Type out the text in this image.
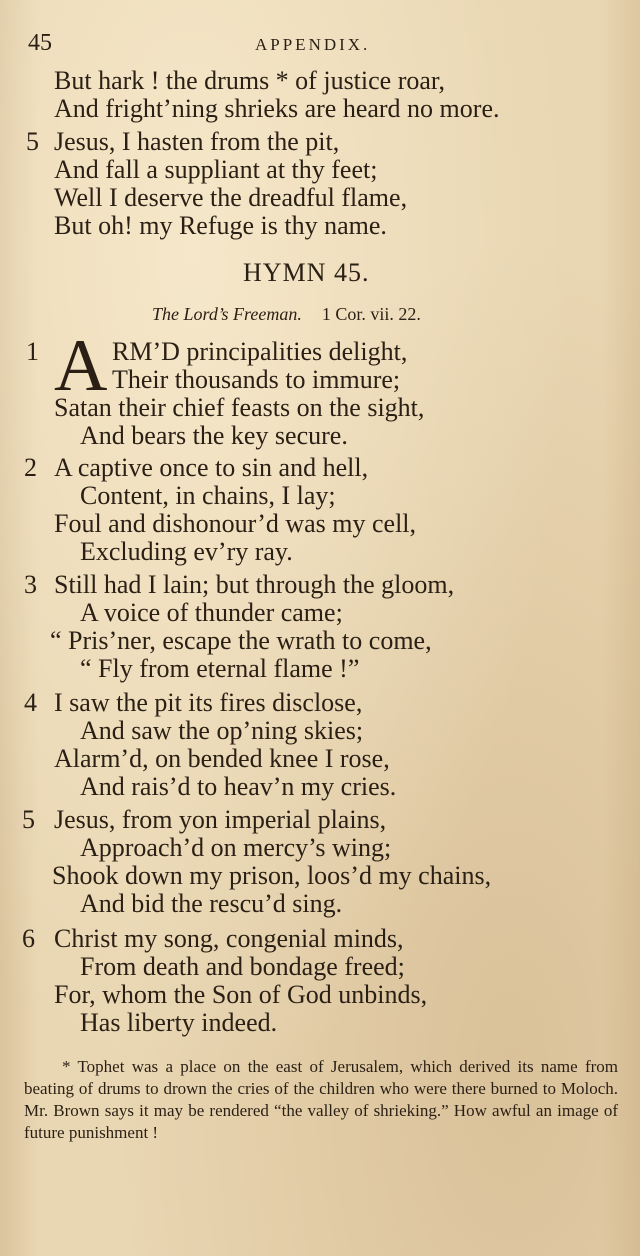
45	APPENDIX.
But hark ! the drums * of justice roar,
And fright’ning shrieks are heard no more.
5 Jesus, I hasten from the pit,
And fall a suppliant at thy feet;
Well I deserve the dreadful flame,
But oh! my Refuge is thy name.
HYMN 45.
The Lord’s Freeman. 1 Cor. vii. 22.
1 A RM’D principalities delight,
Their thousands to immure;
Satan their chief feasts on the sight,
And bears the key secure.
2 A captive once to sin and hell,
Content, in chains, I lay;
Foul and dishonour’d was my cell,
Excluding ev’ry ray.
3 Still had I lain; but through the gloom,
A voice of thunder came;
“ Pris’ner, escape the wrath to come,
“ Fly from eternal flame !”
4 I saw the pit its fires disclose,
And saw the op’ning skies;
Alarm’d, on bended knee I rose,
And rais’d to heav’n my cries.
5 Jesus, from yon imperial plains,
Approach’d on mercy’s wing;
Shook down my prison, loos’d my chains,
And bid the rescu’d sing.
6 Christ my song, congenial minds,
From death and bondage freed;
For, whom the Son of God unbinds,
Has liberty indeed.

* Tophet was a place on the east of Jerusalem, which derived its name from beating of drums to drown the cries of the children who were there burned to Moloch. Mr. Brown says it may be rendered “the valley of shrieking.” How awful an image of future punishment !
